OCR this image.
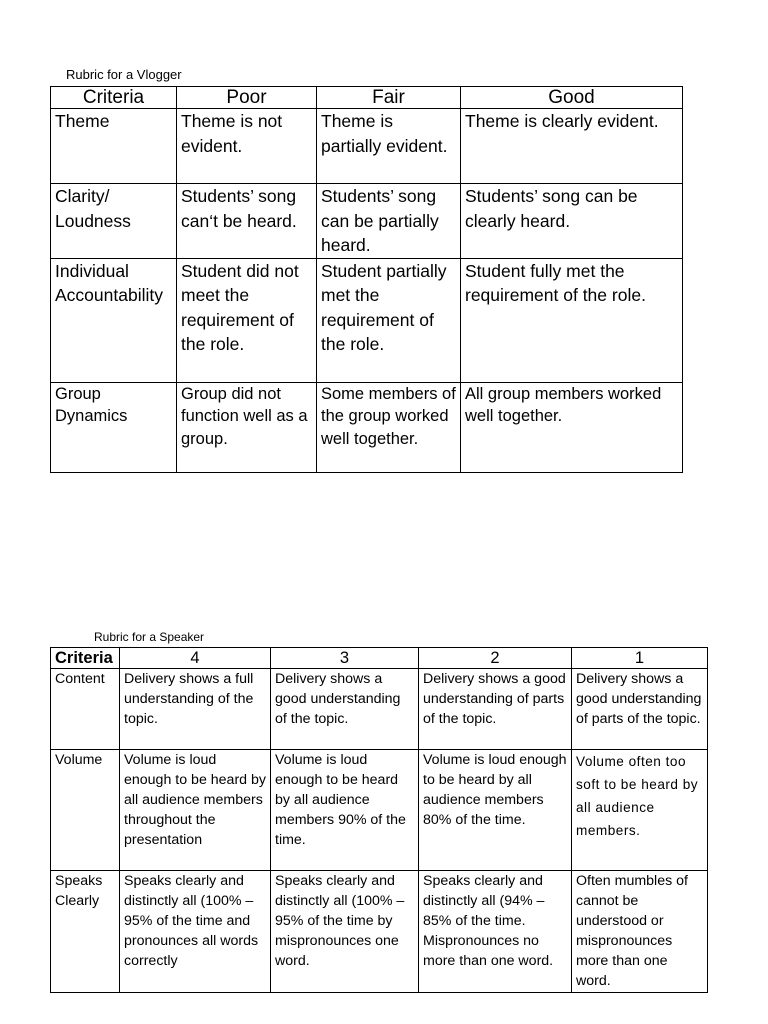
Rubric for a Vlogger
Criteria	Poor	Fair	Good
Theme	Theme is not evident.	Theme is partially evident.	Theme is clearly evident.
Clarity/ Loudness	Students’ song can‘t be heard.	Students’ song can be partially heard.	Students’ song can be clearly heard.
Individual Accountability	Student did not meet the requirement of the role.	Student partially met the requirement of the role.	Student fully met the requirement of the role.
Group Dynamics	Group did not function well as a group.	Some members of the group worked well together.	All group members worked well together.
Rubric for a Speaker
Criteria	4	3	2	1
Content	Delivery shows a full understanding of the topic.	Delivery shows a good understanding of the topic.	Delivery shows a good understanding of parts of the topic.	Delivery shows a good understanding of parts of the topic.
Volume	Volume is loud enough to be heard by all audience members throughout the presentation	Volume is loud enough to be heard by all audience members 90% of the time.	Volume is loud enough to be heard by all audience members 80% of the time.	Volume often too soft to be heard by all audience members.
Speaks Clearly	Speaks clearly and distinctly all (100% – 95% of the time and pronounces all words correctly	Speaks clearly and distinctly all (100% – 95% of the time by mispronounces one word.	Speaks clearly and distinctly all (94% – 85% of the time. Mispronounces no more than one word.	Often mumbles of cannot be understood or mispronounces more than one word.
